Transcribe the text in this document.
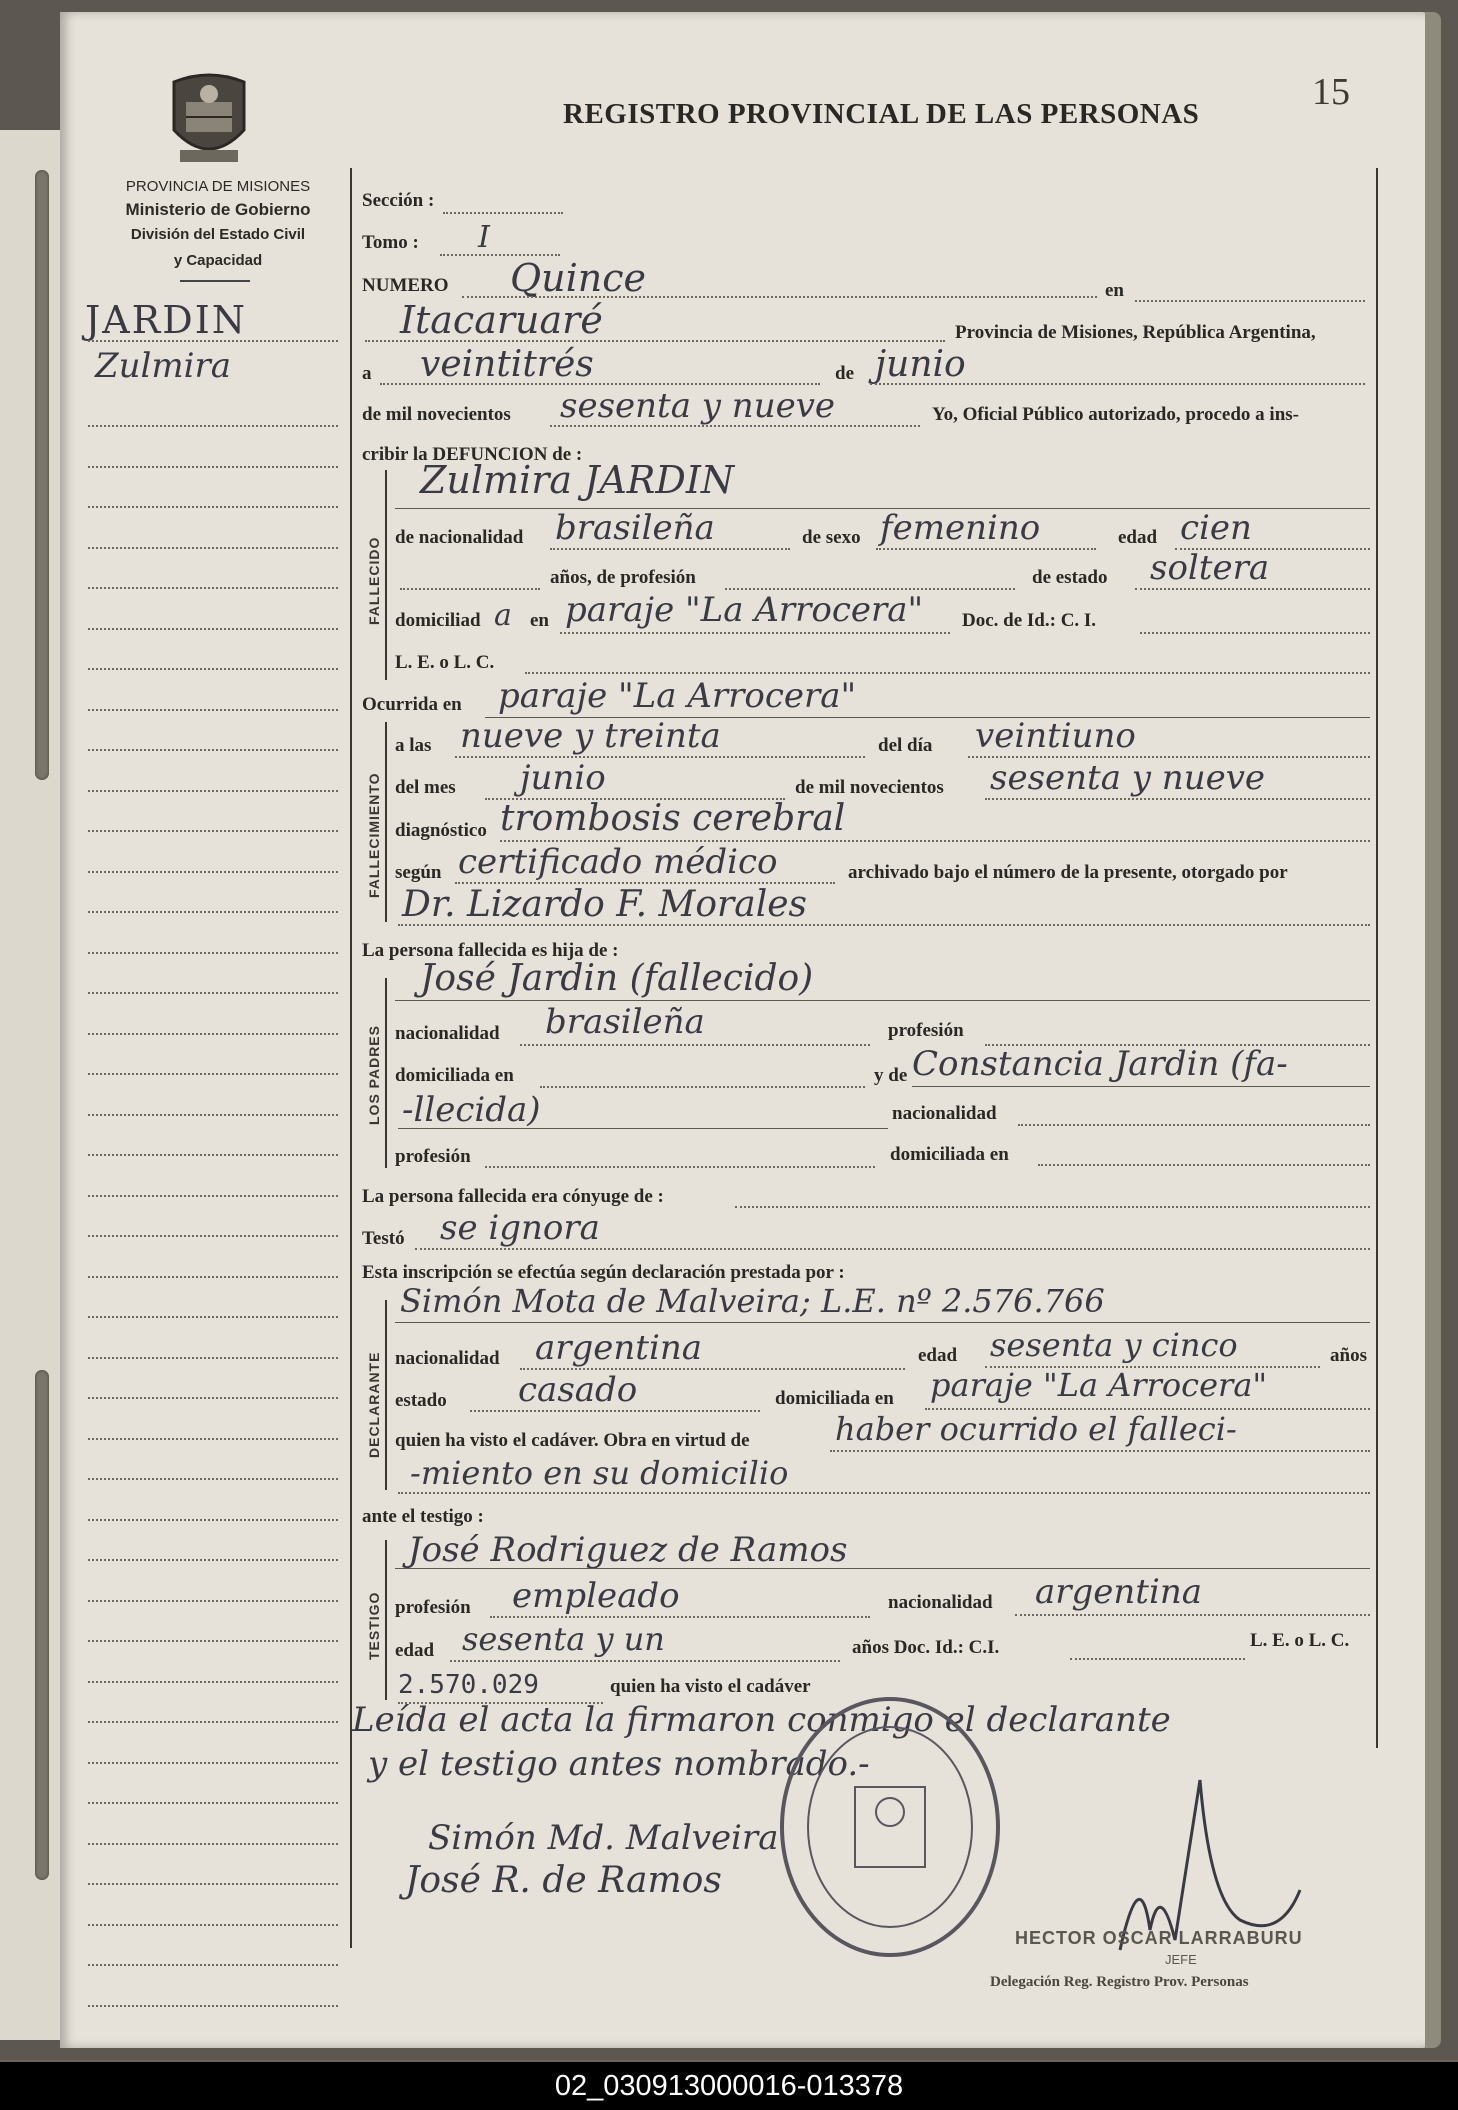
PROVINCIA DE MISIONES
Ministerio de Gobierno
División del Estado Civil
y Capacidad
REGISTRO PROVINCIAL DE LAS PERSONAS
15
JARDIN
Zulmira
Sección :
Tomo : I
NUMERO Quince	en
Itacaruaré	Provincia de Misiones, República Argentina,
a veintitrés	de junio
de mil novecientos sesenta y nueve	Yo, Oficial Público autorizado, procedo a ins-
cribir la DEFUNCION de :
FALLECIDO
Zulmira JARDIN
de nacionalidad brasileña	de sexo femenino	edad cien
años, de profesión	de estado soltera
domiciliad a en paraje "La Arrocera" Doc. de Id.: C. I.
L. E. o L. C.
Ocurrida en paraje "La Arrocera"
FALLECIMIENTO
a las nueve y treinta	del día veintiuno
del mes junio	de mil novecientos sesenta y nueve
diagnóstico trombosis cerebral
según certificado médico	archivado bajo el número de la presente, otorgado por
Dr. Lizardo F. Morales
La persona fallecida es hija de :
LOS PADRES
José Jardin (fallecido)
nacionalidad brasileña	profesión
domiciliada en	y de Constancia Jardin (fa-
-llecida)	nacionalidad
profesión	domiciliada en
La persona fallecida era cónyuge de :
Testó se ignora
Esta inscripción se efectúa según declaración prestada por :
DECLARANTE
Simón Mota de Malveira; L.E. nº 2.576.766
nacionalidad argentina	edad sesenta y cinco	años
estado casado	domiciliada en paraje "La Arrocera"
quien ha visto el cadáver. Obra en virtud de	haber ocurrido el falleci-
-miento en su domicilio
ante el testigo :
TESTIGO
José Rodriguez de Ramos
profesión empleado	nacionalidad argentina
edad sesenta y un	años Doc. Id.: C.I.	L. E. o L. C.
2.570.029	quien ha visto el cadáver
Leída el acta la firmaron conmigo el declarante
y el testigo antes nombrado.-
Simón Md. Malveira
José R. de Ramos
HECTOR OSCAR LARRABURU
JEFE
Delegación Reg. Registro Prov. Personas
02_030913000016-013378
